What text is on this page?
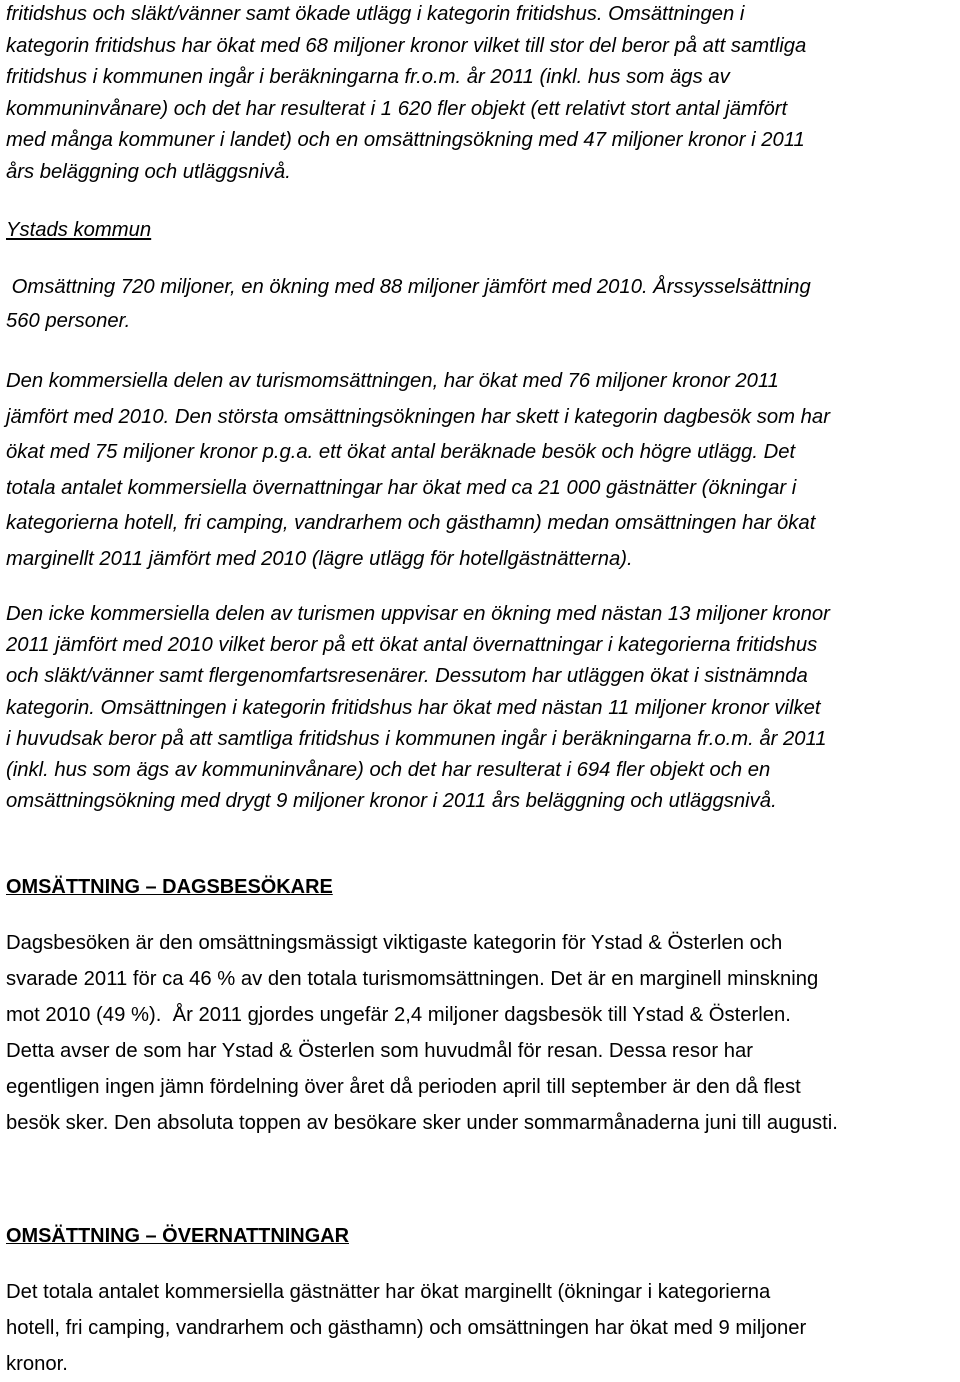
fritidshus och släkt/vänner samt ökade utlägg i kategorin fritidshus. Omsättningen i
kategorin fritidshus har ökat med 68 miljoner kronor vilket till stor del beror på att samtliga
fritidshus i kommunen ingår i beräkningarna fr.o.m. år 2011 (inkl. hus som ägs av
kommuninvånare) och det har resulterat i 1 620 fler objekt (ett relativt stort antal jämfört
med många kommuner i landet) och en omsättningsökning med 47 miljoner kronor i 2011
års beläggning och utläggsnivå.
Ystads kommun
Omsättning 720 miljoner, en ökning med 88 miljoner jämfört med 2010. Årssysselsättning
560 personer.
Den kommersiella delen av turismomsättningen, har ökat med 76 miljoner kronor 2011
jämfört med 2010. Den största omsättningsökningen har skett i kategorin dagbesök som har
ökat med 75 miljoner kronor p.g.a. ett ökat antal beräknade besök och högre utlägg. Det
totala antalet kommersiella övernattningar har ökat med ca 21 000 gästnätter (ökningar i
kategorierna hotell, fri camping, vandrarhem och gästhamn) medan omsättningen har ökat
marginellt 2011 jämfört med 2010 (lägre utlägg för hotellgästnätterna).
Den icke kommersiella delen av turismen uppvisar en ökning med nästan 13 miljoner kronor
2011 jämfört med 2010 vilket beror på ett ökat antal övernattningar i kategorierna fritidshus
och släkt/vänner samt flergenomfartsresenärer. Dessutom har utläggen ökat i sistnämnda
kategorin. Omsättningen i kategorin fritidshus har ökat med nästan 11 miljoner kronor vilket
i huvudsak beror på att samtliga fritidshus i kommunen ingår i beräkningarna fr.o.m. år 2011
(inkl. hus som ägs av kommuninvånare) och det har resulterat i 694 fler objekt och en
omsättningsökning med drygt 9 miljoner kronor i 2011 års beläggning och utläggsnivå.
OMSÄTTNING – DAGSBESÖKARE
Dagsbesöken är den omsättningsmässigt viktigaste kategorin för Ystad & Österlen och
svarade 2011 för ca 46 % av den totala turismomsättningen. Det är en marginell minskning
mot 2010 (49 %).  År 2011 gjordes ungefär 2,4 miljoner dagsbesök till Ystad & Österlen.
Detta avser de som har Ystad & Österlen som huvudmål för resan. Dessa resor har
egentligen ingen jämn fördelning över året då perioden april till september är den då flest
besök sker. Den absoluta toppen av besökare sker under sommarmånaderna juni till augusti.
OMSÄTTNING – ÖVERNATTNINGAR
Det totala antalet kommersiella gästnätter har ökat marginellt (ökningar i kategorierna
hotell, fri camping, vandrarhem och gästhamn) och omsättningen har ökat med 9 miljoner
kronor.
